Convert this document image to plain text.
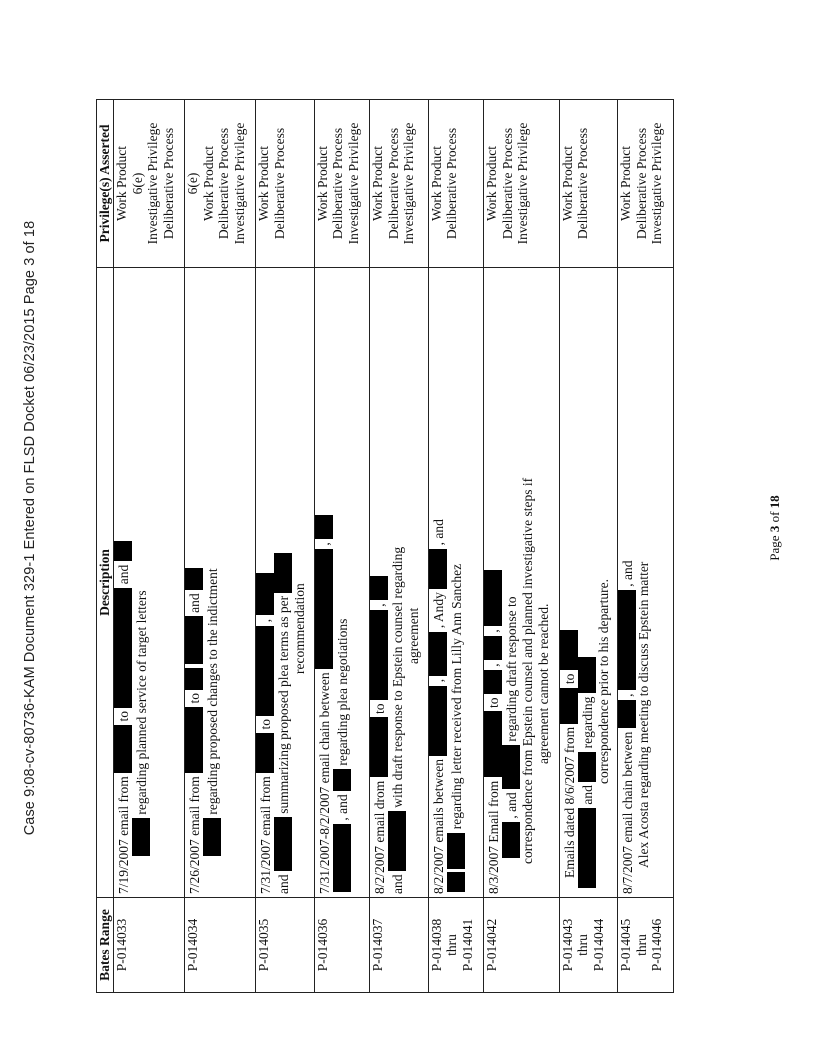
Case 9:08-cv-80736-KAM Document 329-1 Entered on FLSD Docket 06/23/2015 Page 3 of 18
Bates Range	Description	Privilege(s) Asserted

P-014033	7/19/2007 email from  to  and
regarding planned service of target letters	Work Product 6(e) Investigative Privilege Deliberative Process

P-014034	7/26/2007 email from  to   and regarding proposed changes to the indictment	6(e) Work Product Deliberative Process Investigative Privilege

P-014035	7/31/2007 email from  to  ,
and  summarizing proposed plea terms as per recommendation	Work Product Deliberative Process

P-014036	7/31/2007-8/2/2007 email chain between  ,
, and  regarding plea negotiations	Work Product Deliberative Process Investigative Privilege

P-014037	8/2/2007 email drom  to  ,
and  with draft response to Epstein counsel regarding agreement	Work Product Deliberative Process Investigative Privilege

P-014038 thru P-014041	8/2/2007 emails between  ,  , Andy  , and
regarding letter received from Lilly Ann Sanchez	Work Product Deliberative Process

P-014042	8/3/2007 Email from  to  ,  ,
, and  regarding draft response to correspondence from Epstein counsel and planned investigative steps if agreement cannot be reached.	Work Product Deliberative Process Investigative Privilege

P-014043 thru P-014044	Emails dated 8/6/2007 from  to
and  regarding correspondence prior to his departure.	Work Product Deliberative Process

P-014045 thru P-014046	8/7/2007 email chain between  ,  , and Alex Acosta regarding meeting to discuss Epstein matter	Work Product Deliberative Process Investigative Privilege
Page 3 of 18
